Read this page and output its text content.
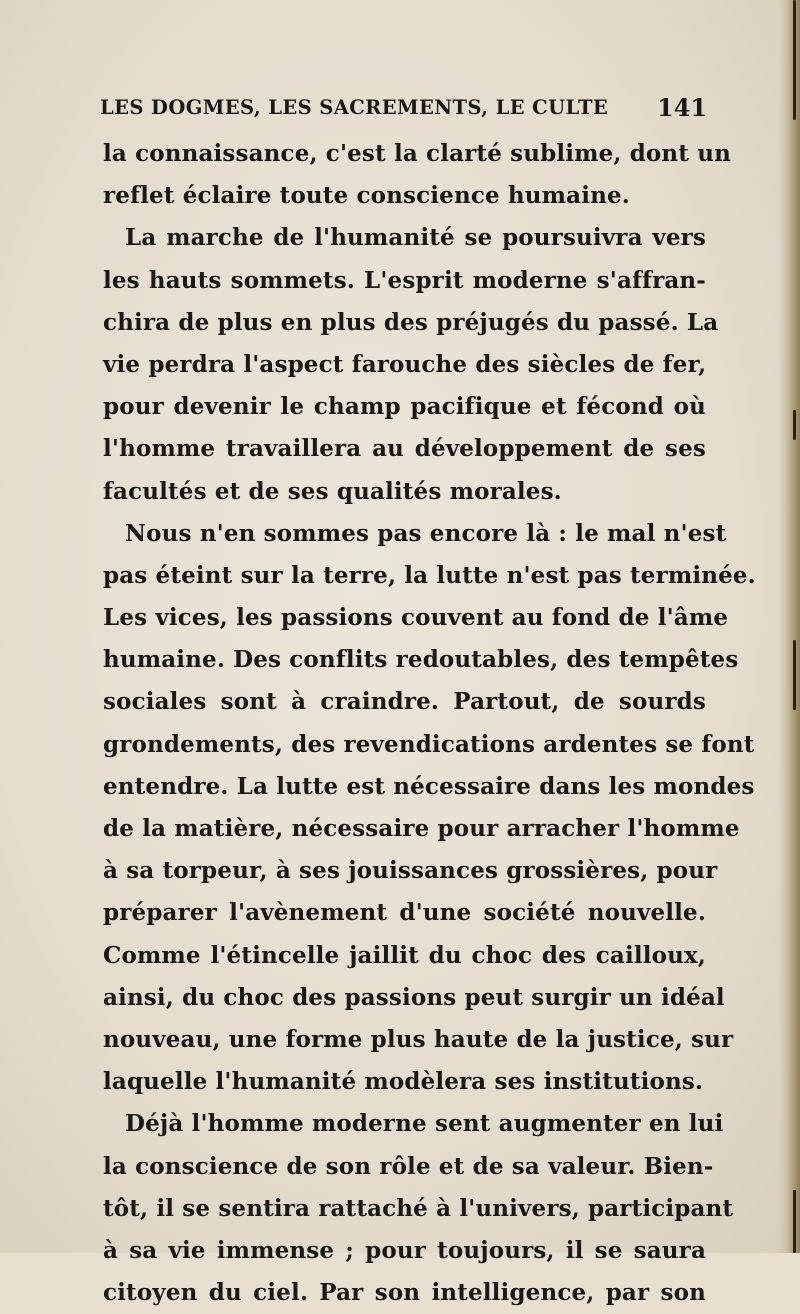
LES DOGMES, LES SACREMENTS, LE CULTE 141
la connaissance, c'est la clarté sublime, dont un
reflet éclaire toute conscience humaine.
La marche de l'humanité se poursuivra vers
les hauts sommets. L'esprit moderne s'affran-
chira de plus en plus des préjugés du passé. La
vie perdra l'aspect farouche des siècles de fer,
pour devenir le champ pacifique et fécond où
l'homme travaillera au développement de ses
facultés et de ses qualités morales.
Nous n'en sommes pas encore là : le mal n'est
pas éteint sur la terre, la lutte n'est pas terminée.
Les vices, les passions couvent au fond de l'âme
humaine. Des conflits redoutables, des tempêtes
sociales sont à craindre. Partout, de sourds
grondements, des revendications ardentes se font
entendre. La lutte est nécessaire dans les mondes
de la matière, nécessaire pour arracher l'homme
à sa torpeur, à ses jouissances grossières, pour
préparer l'avènement d'une société nouvelle.
Comme l'étincelle jaillit du choc des cailloux,
ainsi, du choc des passions peut surgir un idéal
nouveau, une forme plus haute de la justice, sur
laquelle l'humanité modèlera ses institutions.
Déjà l'homme moderne sent augmenter en lui
la conscience de son rôle et de sa valeur. Bien-
tôt, il se sentira rattaché à l'univers, participant
à sa vie immense ; pour toujours, il se saura
citoyen du ciel. Par son intelligence, par son
